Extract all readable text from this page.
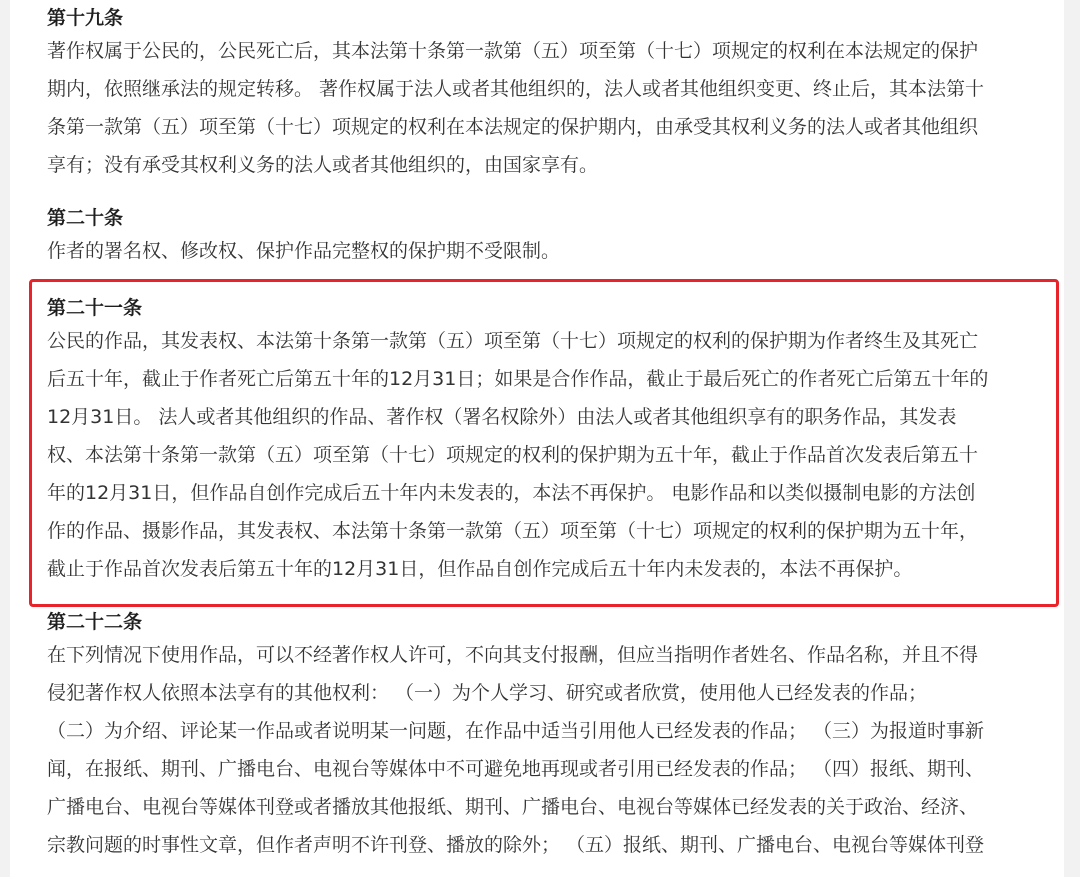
第十九条
著作权属于公民的，公民死亡后，其本法第十条第一款第（五）项至第（十七）项规定的权利在本法规定的保护
期内，依照继承法的规定转移。 著作权属于法人或者其他组织的，法人或者其他组织变更、终止后，其本法第十
条第一款第（五）项至第（十七）项规定的权利在本法规定的保护期内，由承受其权利义务的法人或者其他组织
享有；没有承受其权利义务的法人或者其他组织的，由国家享有。
第二十条
作者的署名权、修改权、保护作品完整权的保护期不受限制。
第二十一条
公民的作品，其发表权、本法第十条第一款第（五）项至第（十七）项规定的权利的保护期为作者终生及其死亡
后五十年，截止于作者死亡后第五十年的12月31日；如果是合作作品，截止于最后死亡的作者死亡后第五十年的
12月31日。 法人或者其他组织的作品、著作权（署名权除外）由法人或者其他组织享有的职务作品，其发表
权、本法第十条第一款第（五）项至第（十七）项规定的权利的保护期为五十年，截止于作品首次发表后第五十
年的12月31日，但作品自创作完成后五十年内未发表的，本法不再保护。 电影作品和以类似摄制电影的方法创
作的作品、摄影作品，其发表权、本法第十条第一款第（五）项至第（十七）项规定的权利的保护期为五十年，
截止于作品首次发表后第五十年的12月31日，但作品自创作完成后五十年内未发表的，本法不再保护。
第二十二条
在下列情况下使用作品，可以不经著作权人许可，不向其支付报酬，但应当指明作者姓名、作品名称，并且不得
侵犯著作权人依照本法享有的其他权利： （一）为个人学习、研究或者欣赏，使用他人已经发表的作品；
（二）为介绍、评论某一作品或者说明某一问题，在作品中适当引用他人已经发表的作品； （三）为报道时事新
闻，在报纸、期刊、广播电台、电视台等媒体中不可避免地再现或者引用已经发表的作品； （四）报纸、期刊、
广播电台、电视台等媒体刊登或者播放其他报纸、期刊、广播电台、电视台等媒体已经发表的关于政治、经济、
宗教问题的时事性文章，但作者声明不许刊登、播放的除外； （五）报纸、期刊、广播电台、电视台等媒体刊登
